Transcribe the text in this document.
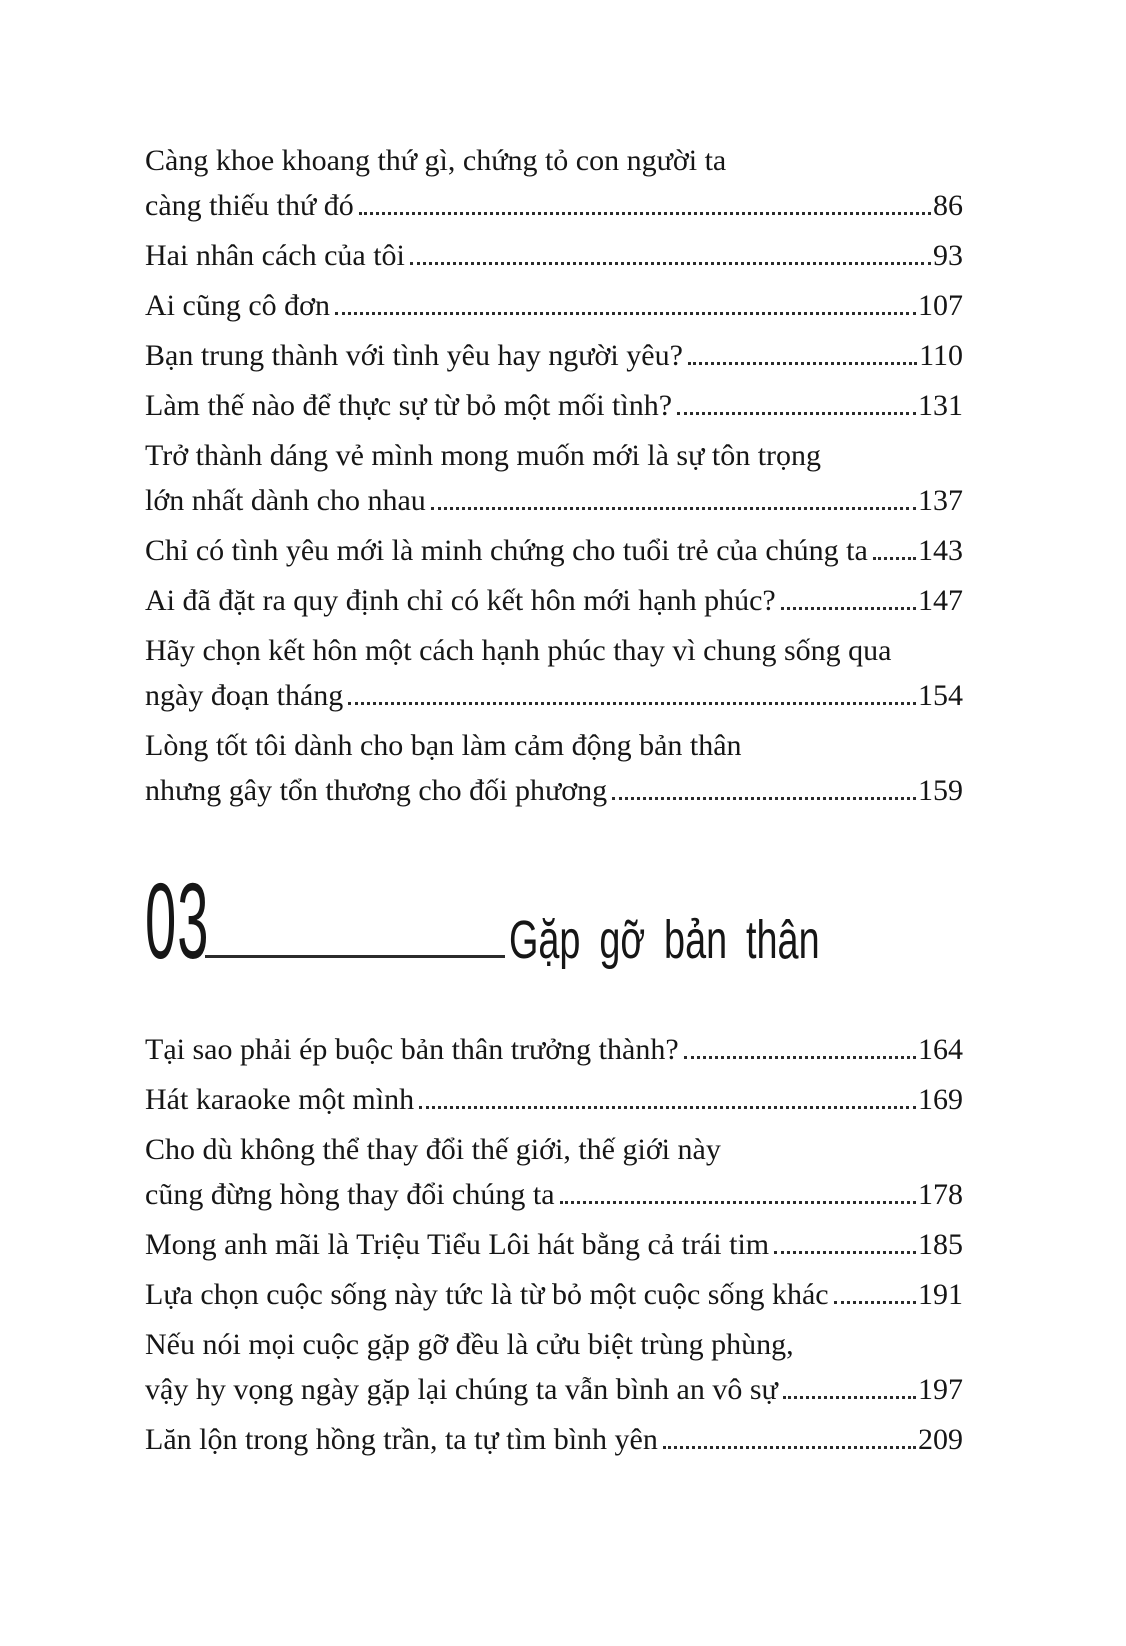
Càng khoe khoang thứ gì, chứng tỏ con người ta
càng thiếu thứ đó	86
Hai nhân cách của tôi	93
Ai cũng cô đơn	107
Bạn trung thành với tình yêu hay người yêu?	110
Làm thế nào để thực sự từ bỏ một mối tình?	131
Trở thành dáng vẻ mình mong muốn mới là sự tôn trọng
lớn nhất dành cho nhau	137
Chỉ có tình yêu mới là minh chứng cho tuổi trẻ của chúng ta 143
Ai đã đặt ra quy định chỉ có kết hôn mới hạnh phúc?	147
Hãy chọn kết hôn một cách hạnh phúc thay vì chung sống qua
ngày đoạn tháng	154
Lòng tốt tôi dành cho bạn làm cảm động bản thân
nhưng gây tổn thương cho đối phương	159
03	Gặp gỡ bản thân
Tại sao phải ép buộc bản thân trưởng thành?	164
Hát karaoke một mình	169
Cho dù không thể thay đổi thế giới, thế giới này
cũng đừng hòng thay đổi chúng ta	178
Mong anh mãi là Triệu Tiểu Lôi hát bằng cả trái tim	185
Lựa chọn cuộc sống này tức là từ bỏ một cuộc sống khác	191
Nếu nói mọi cuộc gặp gỡ đều là cửu biệt trùng phùng,
vậy hy vọng ngày gặp lại chúng ta vẫn bình an vô sự	197
Lăn lộn trong hồng trần, ta tự tìm bình yên	209
